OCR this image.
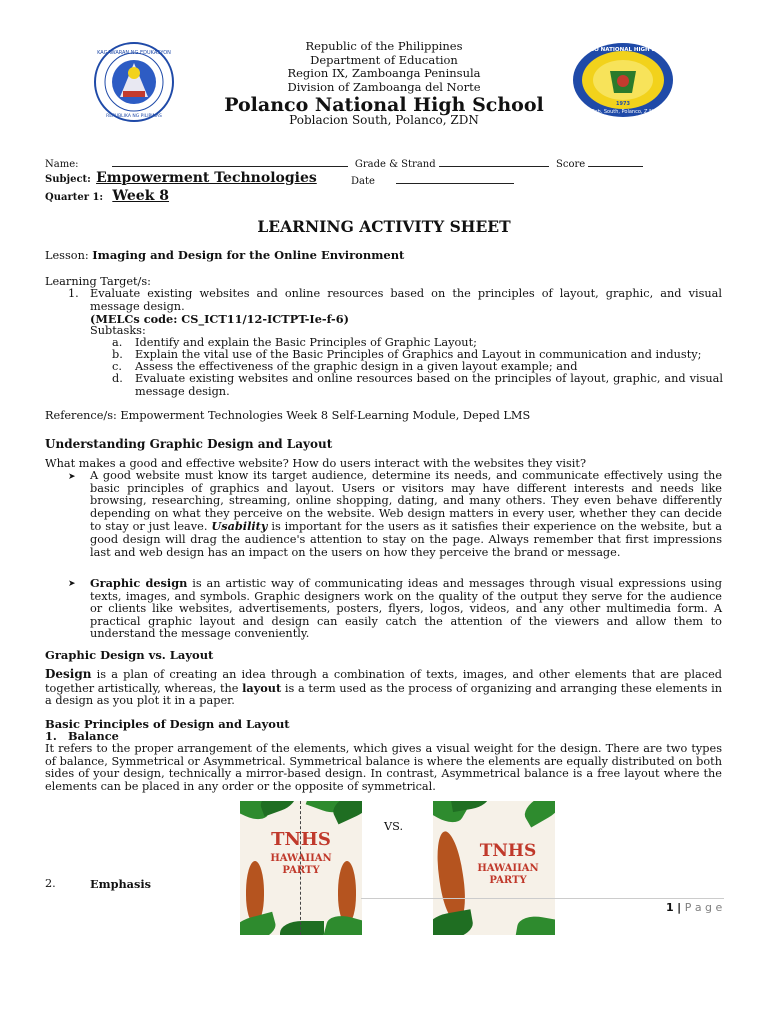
KAGAWARAN NG EDUKASYON
REPUBLIKA NG PILIPINAS
POLANCO NATIONAL HIGH SCHOOL
Pob. South, Polanco, Z.N.
1973
Republic of the Philippines
Department of Education
Region IX, Zamboanga Peninsula
Division of Zamboanga del Norte
Polanco National High School
Poblacion South, Polanco, ZDN
Name:	Grade & Strand	Score
Subject: Empowerment Technologies	Date
Quarter 1: Week 8
LEARNING ACTIVITY SHEET
Lesson: Imaging and Design for the Online Environment
Learning Target/s:
1. Evaluate existing websites and online resources based on the principles of layout, graphic, and visual message design.
(MELCs code: CS_ICT11/12-ICTPT-Ie-f-6)
Subtasks:
a. Identify and explain the Basic Principles of Graphic Layout;
b. Explain the vital use of the Basic Principles of Graphics and Layout in communication and industy;
c. Assess the effectiveness of the graphic design in a given layout example; and
d. Evaluate existing websites and online resources based on the principles of layout, graphic, and visual message design.
Reference/s: Empowerment Technologies Week 8 Self-Learning Module, Deped LMS
Understanding Graphic Design and Layout
What makes a good and effective website? How do users interact with the websites they visit?
➤ A good website must know its target audience, determine its needs, and communicate effectively using the basic principles of graphics and layout. Users or visitors may have different interests and needs like browsing, researching, streaming, online shopping, dating, and many others. They even behave differently depending on what they perceive on the website. Web design matters in every user, whether they can decide to stay or just leave. Usability is important for the users as it satisfies their experience on the website, but a good design will drag the audience's attention to stay on the page. Always remember that first impressions last and web design has an impact on the users on how they perceive the brand or message.
➤ Graphic design is an artistic way of communicating ideas and messages through visual expressions using texts, images, and symbols. Graphic designers work on the quality of the output they serve for the audience or clients like websites, advertisements, posters, flyers, logos, videos, and any other multimedia form. A practical graphic layout and design can easily catch the attention of the viewers and allow them to understand the message conveniently.
Graphic Design vs. Layout
Design is a plan of creating an idea through a combination of texts, images, and other elements that are placed together artistically, whereas, the layout is a term used as the process of organizing and arranging these elements in a design as you plot it in a paper.
Basic Principles of Design and Layout
1. Balance
It refers to the proper arrangement of the elements, which gives a visual weight for the design. There are two types of balance, Symmetrical or Asymmetrical. Symmetrical balance is where the elements are equally distributed on both sides of your design, technically a mirror-based design. In contrast, Asymmetrical balance is a free layout where the elements can be placed in any order or the opposite of symmetrical.
TNHS
HAWAIIAN
PARTY
VS.
TNHS
HAWAIIAN
PARTY
2.	Emphasis
1 | P a g e
